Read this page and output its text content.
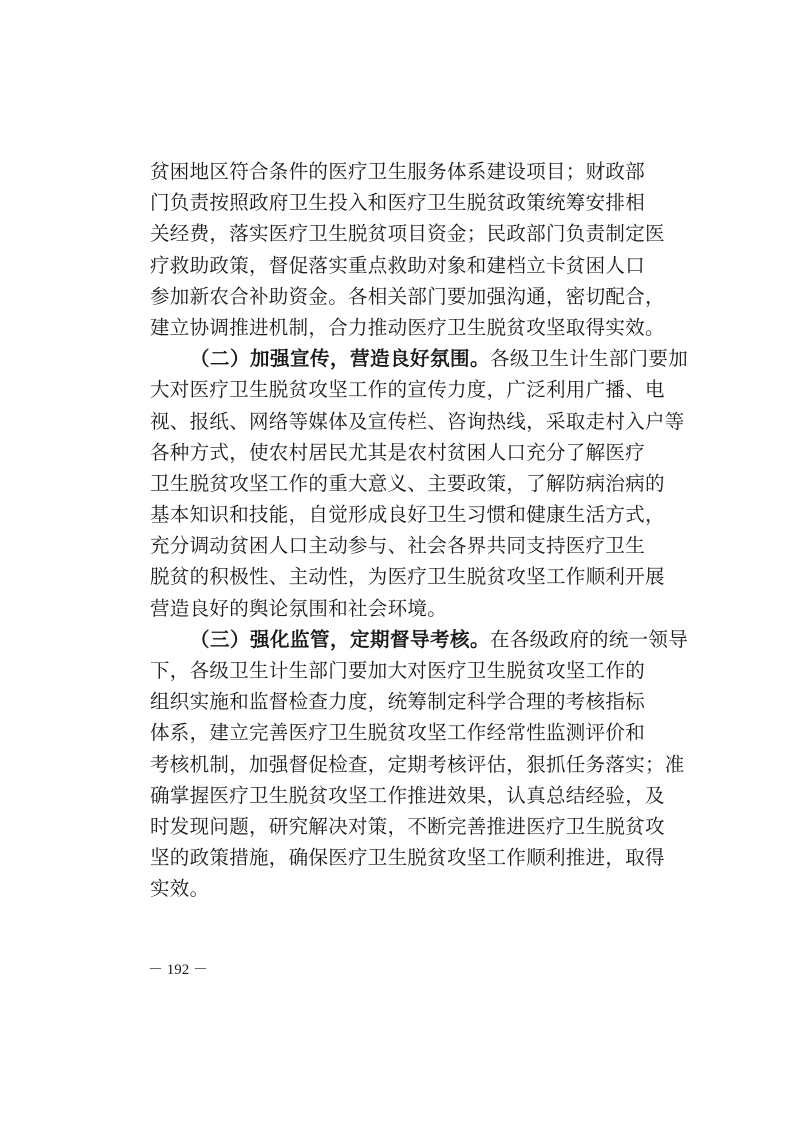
贫困地区符合条件的医疗卫生服务体系建设项目；财政部
门负责按照政府卫生投入和医疗卫生脱贫政策统筹安排相
关经费，落实医疗卫生脱贫项目资金；民政部门负责制定医
疗救助政策，督促落实重点救助对象和建档立卡贫困人口
参加新农合补助资金。各相关部门要加强沟通，密切配合，
建立协调推进机制，合力推动医疗卫生脱贫攻坚取得实效。
（二）加强宣传，营造良好氛围。各级卫生计生部门要加
大对医疗卫生脱贫攻坚工作的宣传力度，广泛利用广播、电
视、报纸、网络等媒体及宣传栏、咨询热线，采取走村入户等
各种方式，使农村居民尤其是农村贫困人口充分了解医疗
卫生脱贫攻坚工作的重大意义、主要政策，了解防病治病的
基本知识和技能，自觉形成良好卫生习惯和健康生活方式，
充分调动贫困人口主动参与、社会各界共同支持医疗卫生
脱贫的积极性、主动性，为医疗卫生脱贫攻坚工作顺利开展
营造良好的舆论氛围和社会环境。
（三）强化监管，定期督导考核。在各级政府的统一领导
下，各级卫生计生部门要加大对医疗卫生脱贫攻坚工作的
组织实施和监督检查力度，统筹制定科学合理的考核指标
体系，建立完善医疗卫生脱贫攻坚工作经常性监测评价和
考核机制，加强督促检查，定期考核评估，狠抓任务落实；准
确掌握医疗卫生脱贫攻坚工作推进效果，认真总结经验，及
时发现问题，研究解决对策，不断完善推进医疗卫生脱贫攻
坚的政策措施，确保医疗卫生脱贫攻坚工作顺利推进，取得
实效。
－ 192 －
